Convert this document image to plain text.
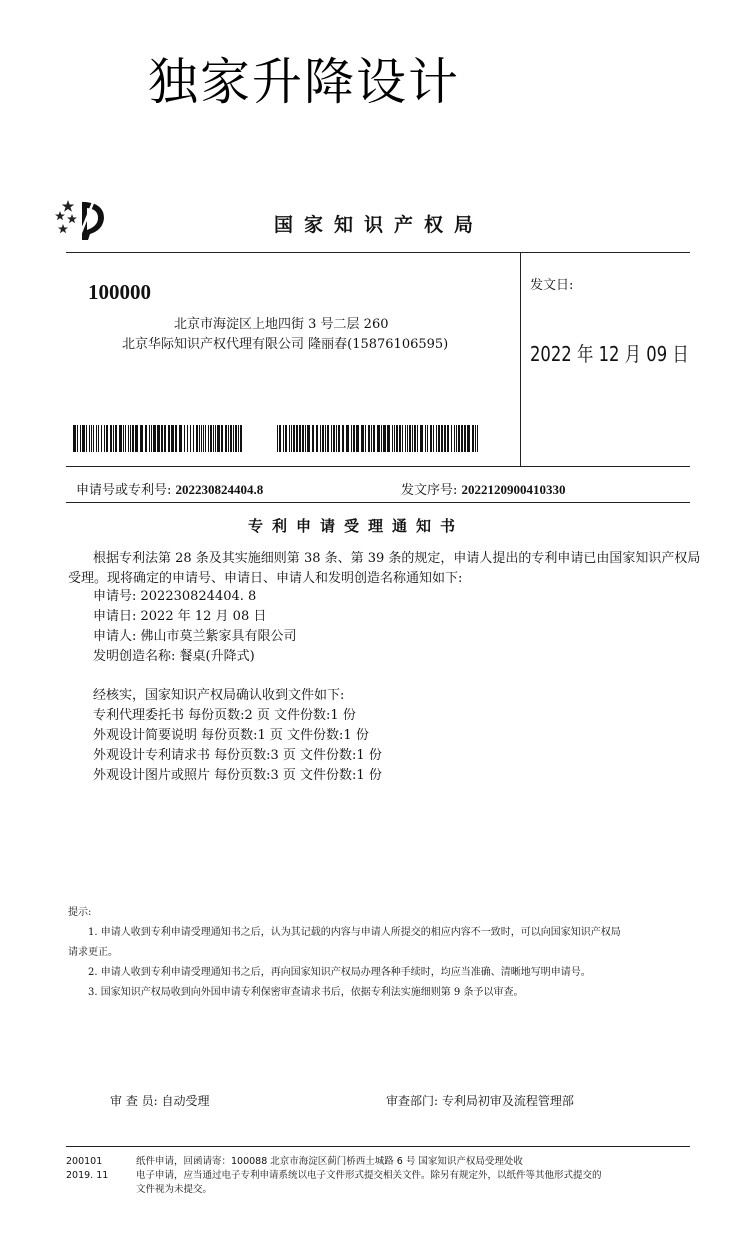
独家升降设计
国家知识产权局
100000
北京市海淀区上地四街 3 号二层 260
北京华际知识产权代理有限公司 隆丽春(15876106595)
发文日:
2022 年 12 月 09 日
申请号或专利号: 202230824404.8	发文序号: 2022120900410330
专利申请受理通知书
根据专利法第 28 条及其实施细则第 38 条、第 39 条的规定，申请人提出的专利申请已由国家知识产权局
受理。现将确定的申请号、申请日、申请人和发明创造名称通知如下:
申请号: 202230824404. 8
申请日: 2022 年 12 月 08 日
申请人: 佛山市莫兰紫家具有限公司
发明创造名称: 餐桌(升降式)
经核实，国家知识产权局确认收到文件如下:
专利代理委托书 每份页数:2 页 文件份数:1 份
外观设计简要说明 每份页数:1 页 文件份数:1 份
外观设计专利请求书 每份页数:3 页 文件份数:1 份
外观设计图片或照片 每份页数:3 页 文件份数:1 份
提示:
1. 申请人收到专利申请受理通知书之后，认为其记载的内容与申请人所提交的相应内容不一致时，可以向国家知识产权局
请求更正。
2. 申请人收到专利申请受理通知书之后，再向国家知识产权局办理各种手续时，均应当准确、清晰地写明申请号。
3. 国家知识产权局收到向外国申请专利保密审查请求书后，依据专利法实施细则第 9 条予以审查。
审 查 员: 自动受理	审查部门: 专利局初审及流程管理部
200101
2019. 11
纸件申请，回函请寄：100088 北京市海淀区蓟门桥西土城路 6 号 国家知识产权局受理处收
电子申请，应当通过电子专利申请系统以电子文件形式提交相关文件。除另有规定外，以纸件等其他形式提交的
文件视为未提交。
